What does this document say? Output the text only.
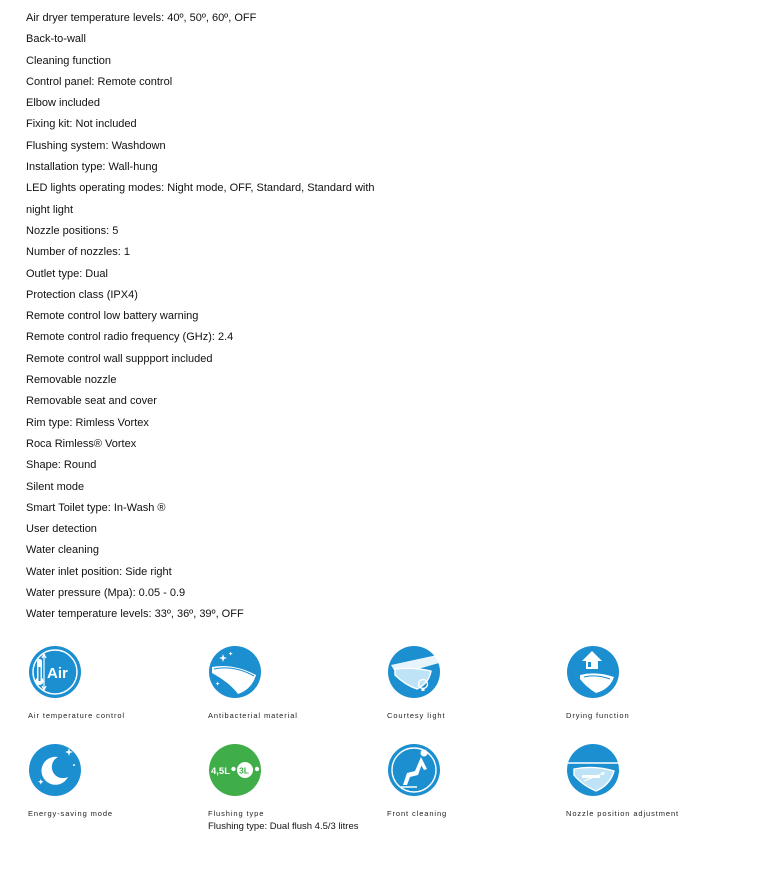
Air dryer temperature levels: 40º, 50º, 60º, OFF
Back-to-wall
Cleaning function
Control panel: Remote control
Elbow included
Fixing kit: Not included
Flushing system: Washdown
Installation type: Wall-hung
LED lights operating modes: Night mode, OFF, Standard, Standard with
night light
Nozzle positions: 5
Number of nozzles: 1
Outlet type: Dual
Protection class (IPX4)
Remote control low battery warning
Remote control radio frequency (GHz): 2.4
Remote control wall suppport included
Removable nozzle
Removable seat and cover
Rim type: Rimless Vortex
Roca Rimless® Vortex
Shape: Round
Silent mode
Smart Toilet type: In-Wash ®
User detection
Water cleaning
Water inlet position: Side right
Water pressure (Mpa): 0.05 - 0.9
Water temperature levels: 33º, 36º, 39º, OFF
Air
Air temperature control	Antibacterial material	Courtesy light	Drying function
Energy-saving mode
4,5L 3L
Flushing type
Flushing type: Dual flush 4.5/3 litres
Front cleaning	Nozzle position adjustment
